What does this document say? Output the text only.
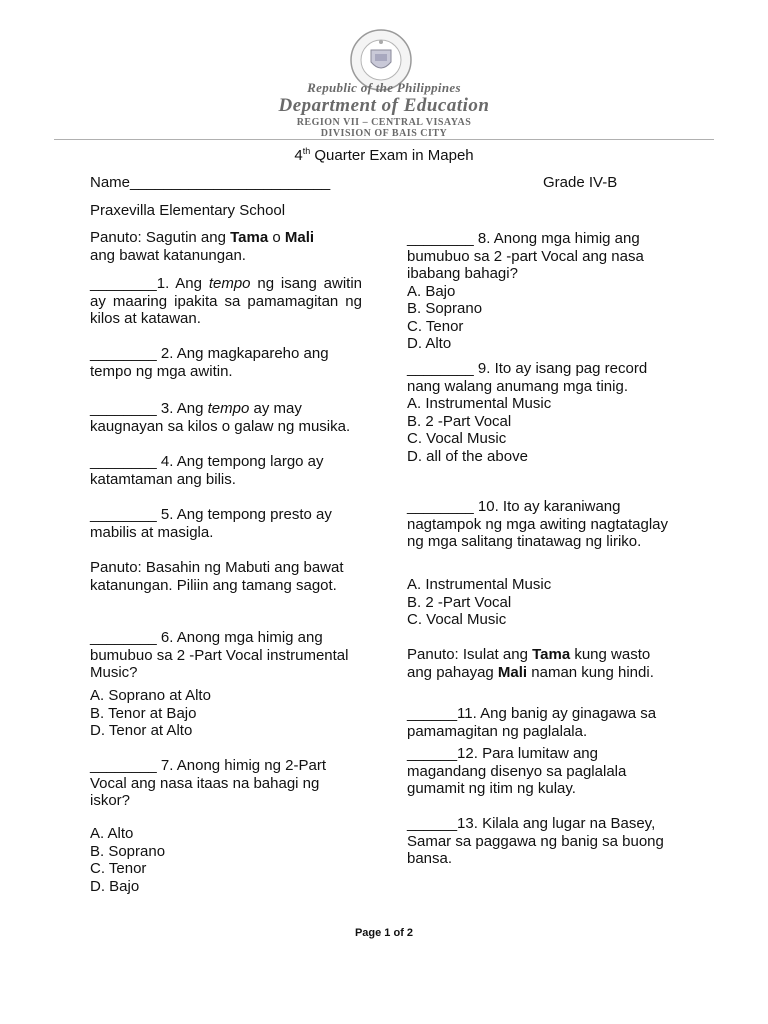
Republic of the Philippines
Department of Education
REGION VII – CENTRAL VISAYAS
DIVISION OF BAIS CITY
4th Quarter Exam in Mapeh
Name________________________	Grade IV-B
Praxevilla Elementary School

Panuto: Sagutin ang Tama o Mali

ang bawat katanungan.

________1. Ang tempo ng isang awitin ay maaring ipakita sa pamamagitan ng kilos at katawan.

________ 2. Ang magkapareho ang tempo ng mga awitin.

________ 3. Ang tempo ay may kaugnayan sa kilos o galaw ng musika.

________ 4. Ang tempong largo ay katamtaman ang bilis.

________ 5. Ang tempong presto ay mabilis at masigla.

Panuto: Basahin ng Mabuti ang bawat katanungan. Piliin ang tamang sagot.

________ 6. Anong mga himig ang bumubuo sa 2 -Part Vocal instrumental Music?

A. Soprano at Alto

B. Tenor at Bajo

D. Tenor at Alto

________ 7. Anong himig ng 2-Part Vocal ang nasa itaas na bahagi ng iskor?

A. Alto

B. Soprano

C. Tenor

D. Bajo

________ 8. Anong mga himig ang bumubuo sa 2 -part Vocal ang nasa ibabang bahagi?

A. Bajo

B. Soprano

C. Tenor

D. Alto

________ 9. Ito ay isang pag record nang walang anumang mga tinig.

A. Instrumental Music

B. 2 -Part Vocal

C. Vocal Music

D. all of the above

________ 10. Ito ay karaniwang nagtampok ng mga awiting nagtataglay ng mga salitang tinatawag ng liriko.

A. Instrumental Music

B. 2 -Part Vocal

C. Vocal Music

Panuto: Isulat ang Tama kung wasto ang pahayag Mali naman kung hindi.

______11. Ang banig ay ginagawa sa pamamagitan ng paglalala.

______12. Para lumitaw ang magandang disenyo sa paglalala gumamit ng itim ng kulay.

______13. Kilala ang lugar na Basey, Samar sa paggawa ng banig sa buong bansa.

Page 1 of 2
